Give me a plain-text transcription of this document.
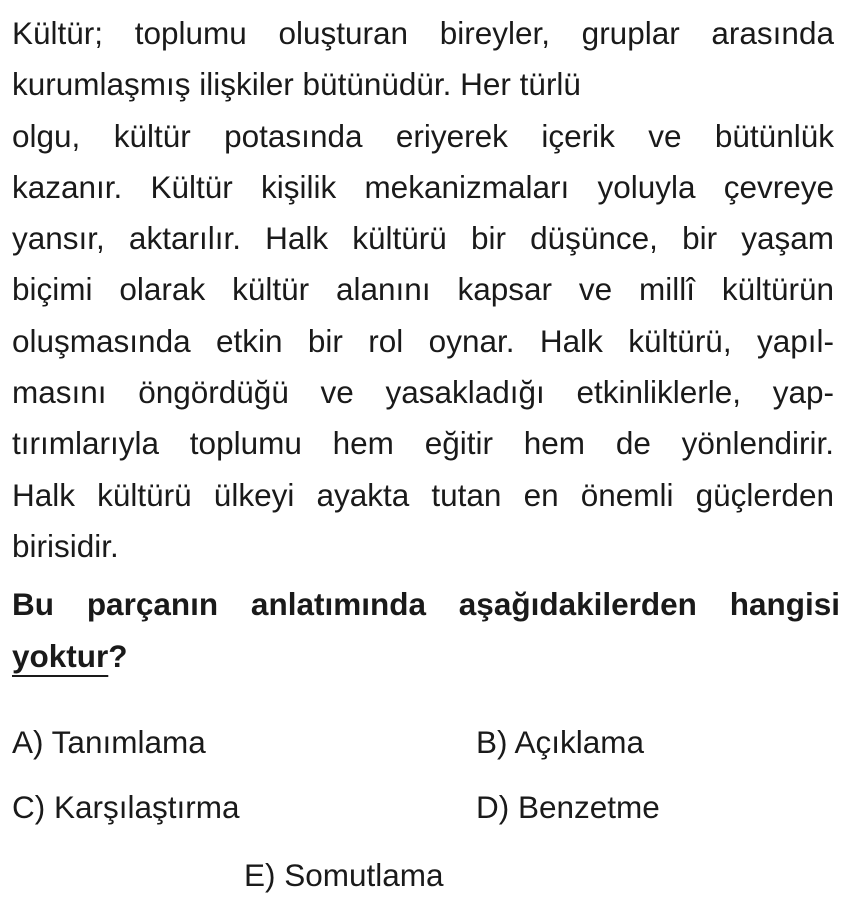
Kültür; toplumu oluşturan bireyler, gruplar arasında
kurumlaşmış ilişkiler bütünüdür. Her türlü
olgu, kültür potasında eriyerek içerik ve bütünlük
kazanır. Kültür kişilik mekanizmaları yoluyla çevreye
yansır, aktarılır. Halk kültürü bir düşünce, bir yaşam
biçimi olarak kültür alanını kapsar ve millî kültürün
oluşmasında etkin bir rol oynar. Halk kültürü, yapıl-
masını öngördüğü ve yasakladığı etkinliklerle, yap-
tırımlarıyla toplumu hem eğitir hem de yönlendirir.
Halk kültürü ülkeyi ayakta tutan en önemli güçlerden
birisidir.
Bu parçanın anlatımında aşağıdakilerden hangisi
yoktur?
A) Tanımlama	B) Açıklama
C) Karşılaştırma	D) Benzetme
E) Somutlama
